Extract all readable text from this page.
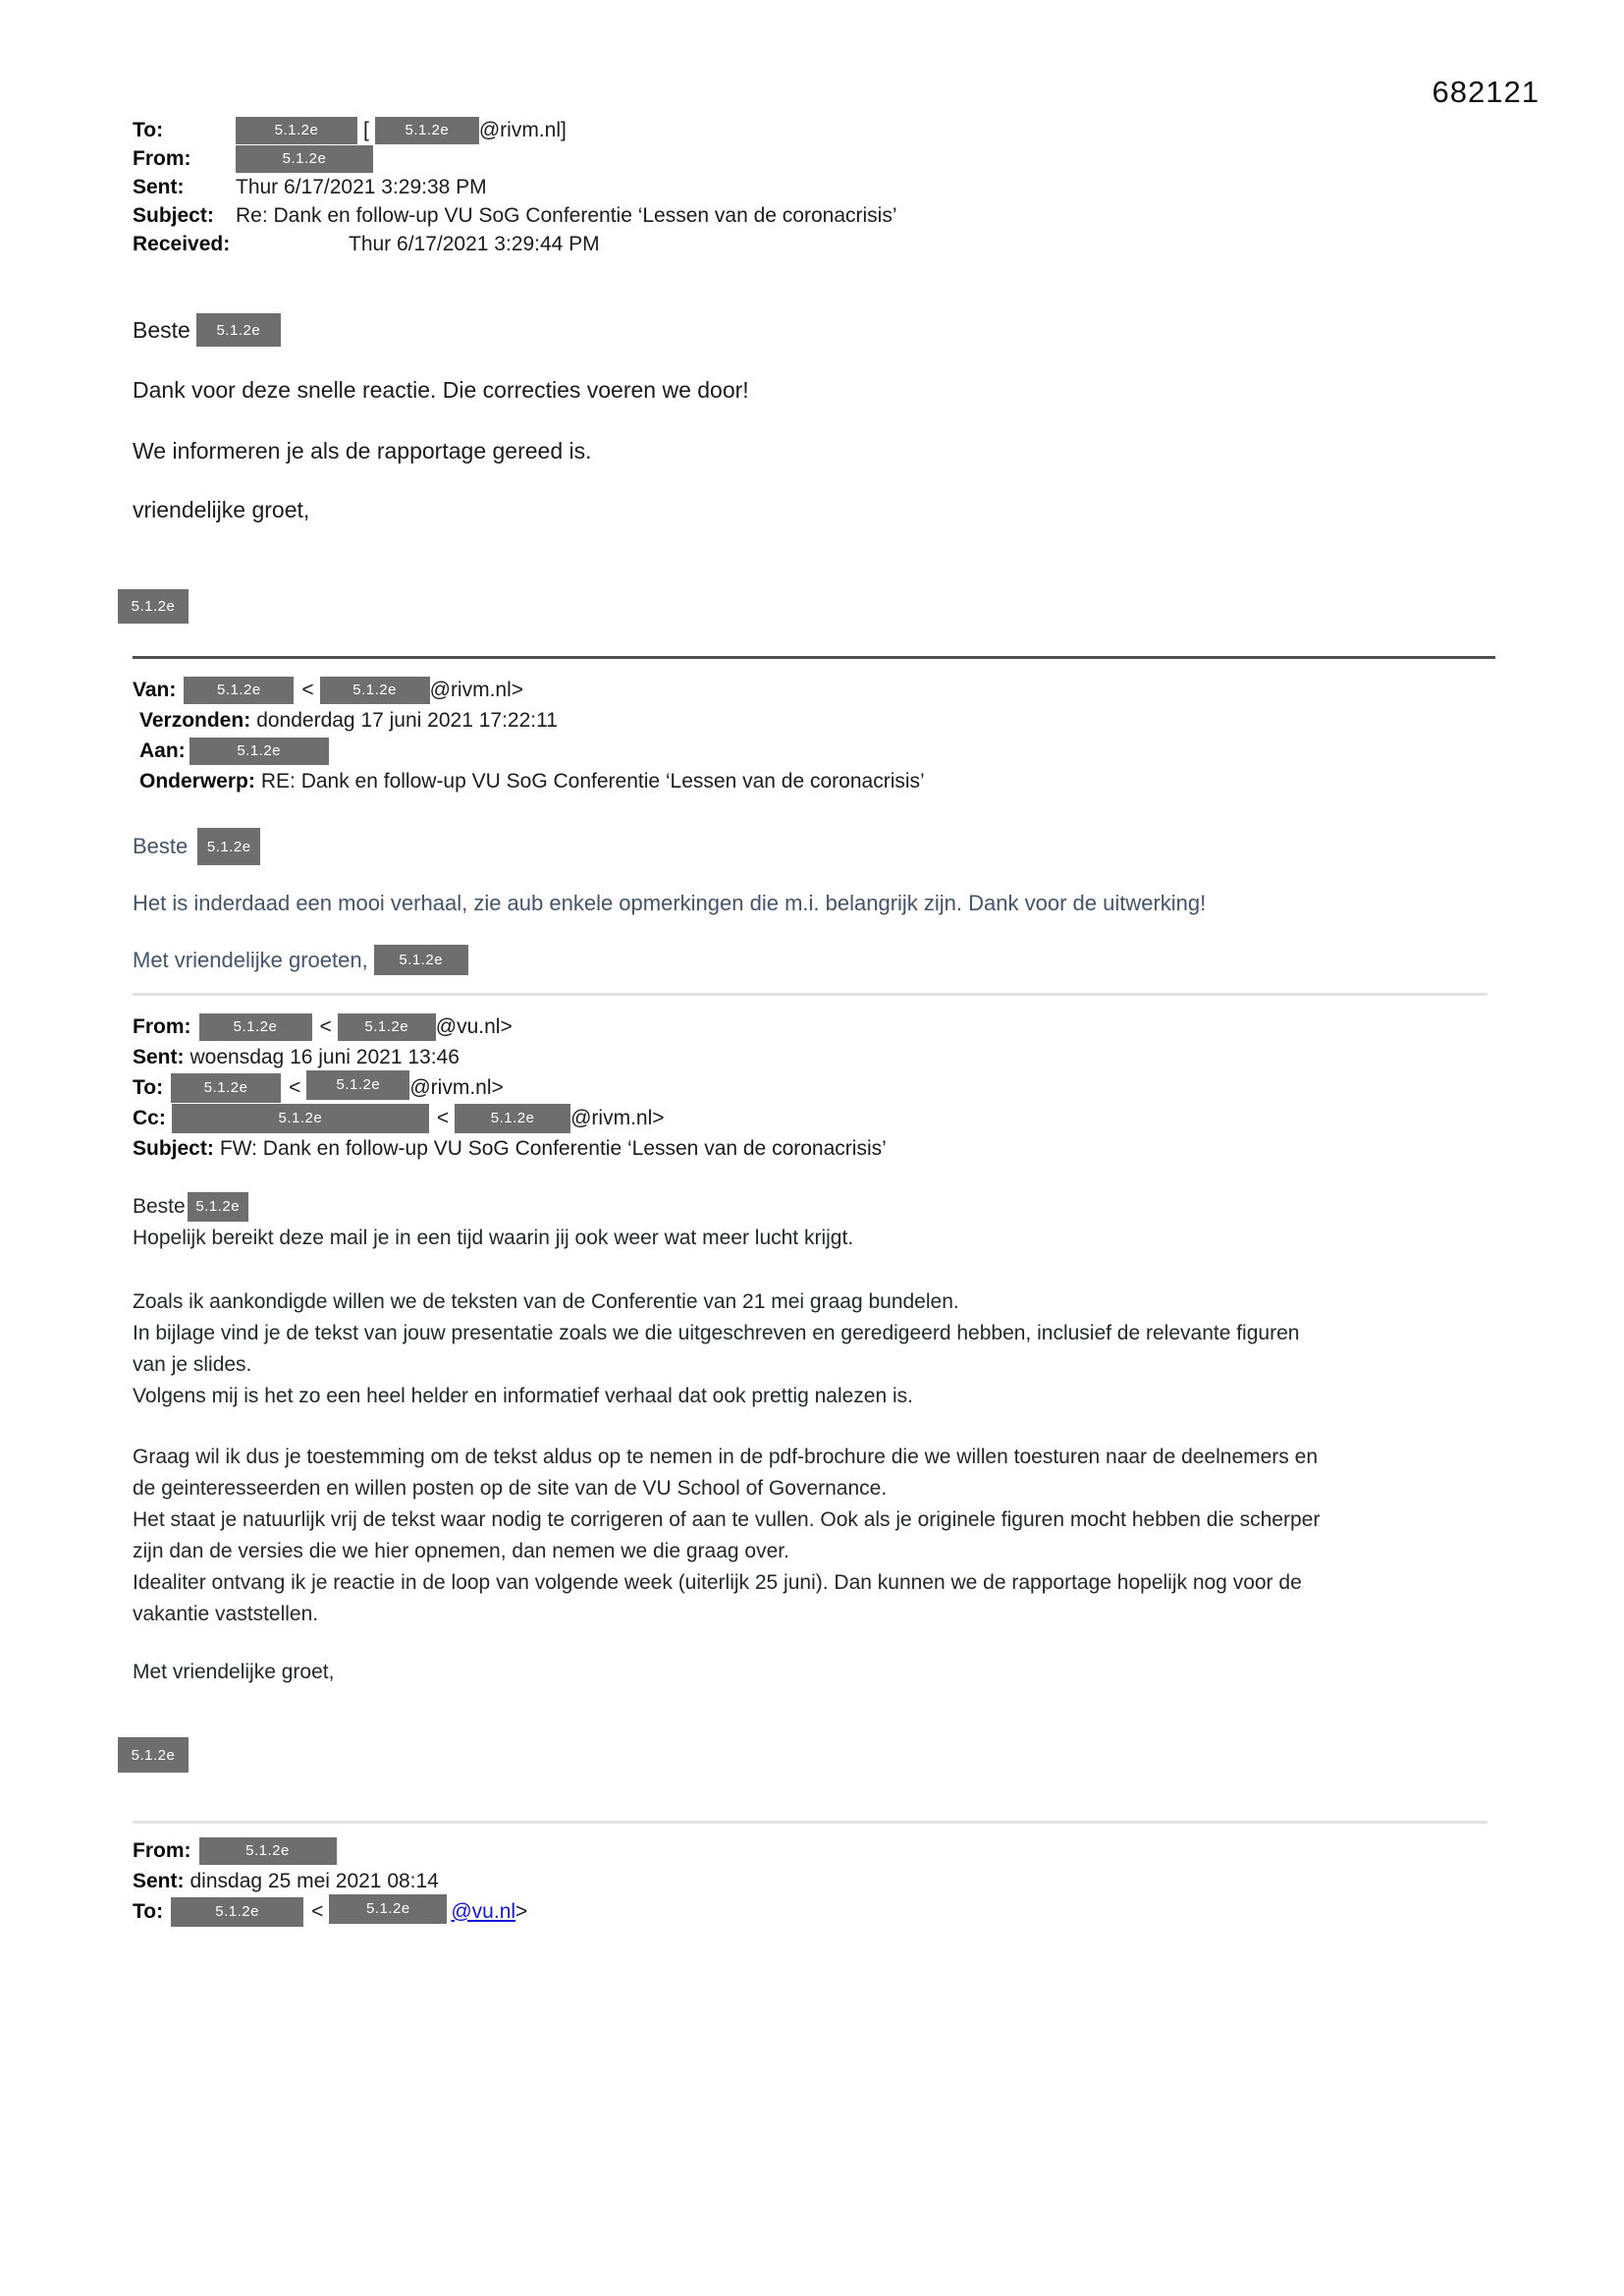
682121
To:	5.1.2e	[	5.1.2e	@rivm.nl]
From:	5.1.2e
Sent:	Thur 6/17/2021 3:29:38 PM
Subject:	Re: Dank en follow-up VU SoG Conferentie ‘Lessen van de coronacrisis’
Received:	Thur 6/17/2021 3:29:44 PM
Beste	5.1.2e
Dank voor deze snelle reactie. Die correcties voeren we door!
We informeren je als de rapportage gereed is.
vriendelijke groet,
5.1.2e
Van:	5.1.2e	<	5.1.2e	@rivm.nl>
Verzonden: donderdag 17 juni 2021 17:22:11
Aan:	5.1.2e
Onderwerp: RE: Dank en follow-up VU SoG Conferentie ‘Lessen van de coronacrisis’
Beste	5.1.2e
Het is inderdaad een mooi verhaal, zie aub enkele opmerkingen die m.i. belangrijk zijn. Dank voor de uitwerking!
Met vriendelijke groeten,	5.1.2e
From:	5.1.2e	<	5.1.2e	@vu.nl>
Sent: woensdag 16 juni 2021 13:46
To:	5.1.2e	<	5.1.2e	@rivm.nl>
Cc:	5.1.2e	<	5.1.2e	@rivm.nl>
Subject: FW: Dank en follow-up VU SoG Conferentie ‘Lessen van de coronacrisis’
Beste 5.1.2e
Hopelijk bereikt deze mail je in een tijd waarin jij ook weer wat meer lucht krijgt.
Zoals ik aankondigde willen we de teksten van de Conferentie van 21 mei graag bundelen.
In bijlage vind je de tekst van jouw presentatie zoals we die uitgeschreven en geredigeerd hebben, inclusief de relevante figuren
van je slides.
Volgens mij is het zo een heel helder en informatief verhaal dat ook prettig nalezen is.
Graag wil ik dus je toestemming om de tekst aldus op te nemen in de pdf-brochure die we willen toesturen naar de deelnemers en
de geinteresseerden en willen posten op de site van de VU School of Governance.
Het staat je natuurlijk vrij de tekst waar nodig te corrigeren of aan te vullen. Ook als je originele figuren mocht hebben die scherper
zijn dan de versies die we hier opnemen, dan nemen we die graag over.
Idealiter ontvang ik je reactie in de loop van volgende week (uiterlijk 25 juni). Dan kunnen we de rapportage hopelijk nog voor de
vakantie vaststellen.
Met vriendelijke groet,
5.1.2e
From:	5.1.2e
Sent: dinsdag 25 mei 2021 08:14
To:	5.1.2e	<	5.1.2e	@vu.nl >
